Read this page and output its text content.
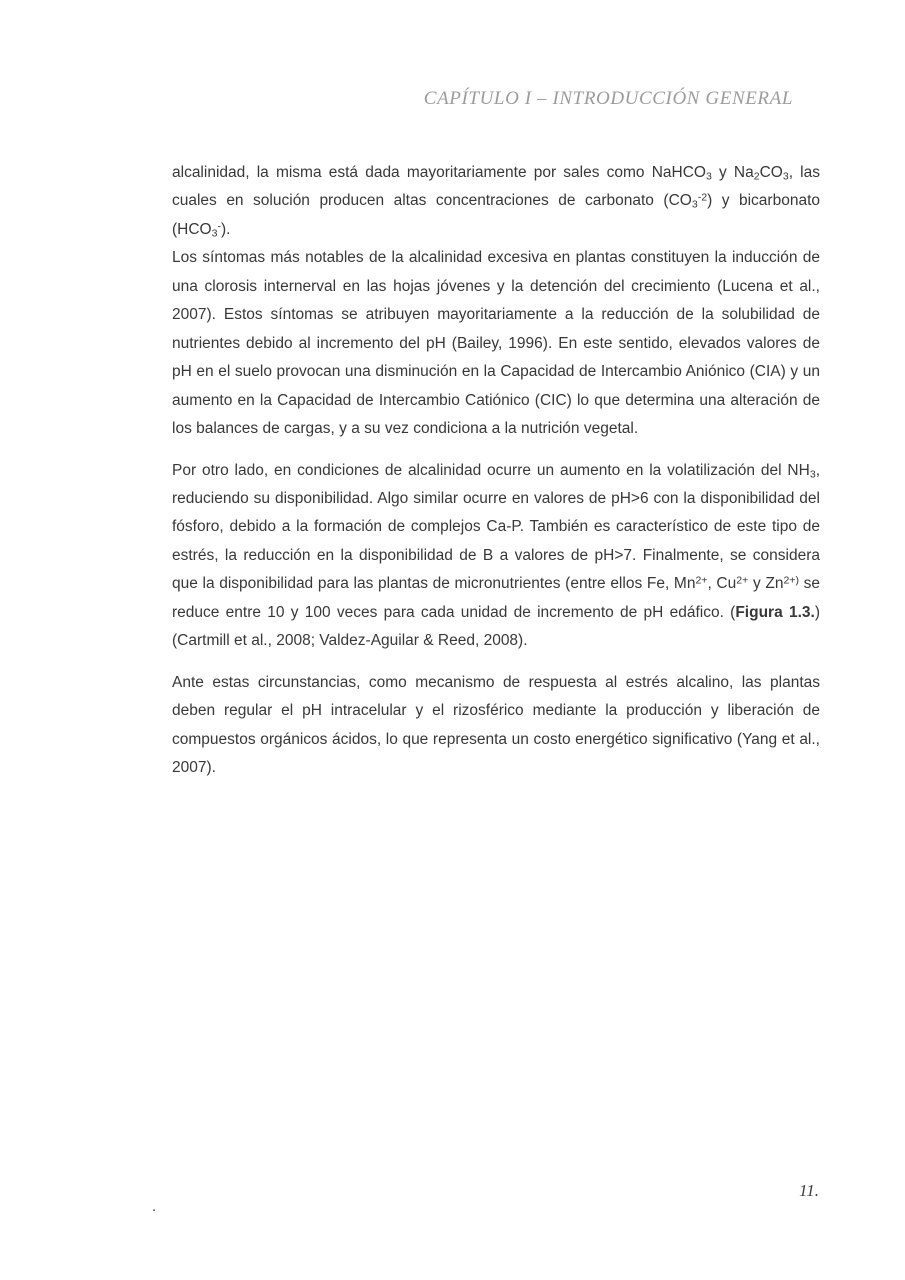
CAPÍTULO I – INTRODUCCIÓN GENERAL

alcalinidad, la misma está dada mayoritariamente por sales como NaHCO$_3$ y $Na_2CO_3$, las cuales en solución producen altas concentraciones de carbonato $(CO_3^{-2})$ y bicarbonato $(HCO_3^-)$.

Los síntomas más notables de la alcalinidad excesiva en plantas constituyen la inducción de una clorosis internerval en las hojas jóvenes y la detención del crecimiento (Lucena et al., 2007). Estos síntomas se atribuyen mayoritariamente a la reducción de la solubilidad de nutrientes debido al incremento del pH (Bailey, 1996). En este sentido, elevados valores de pH en el suelo provocan una disminución en la Capacidad de Intercambio Aniónico (CIA) y un aumento en la Capacidad de Intercambio Catiónico (CIC) lo que determina una alteración de los balances de cargas, y a su vez condiciona a la nutrición vegetal.

Por otro lado, en condiciones de alcalinidad ocurre un aumento en la volatilización del $NH_3$, reduciendo su disponibilidad. Algo similar ocurre en valores de pH>6 con la disponibilidad del fósforo, debido a la formación de complejos Ca-P. También es característico de este tipo de estrés, la reducción en la disponibilidad de B a valores de pH>7. Finalmente, se considera que la disponibilidad para las plantas de micronutrientes (entre ellos Fe, $Mn^{2+}$, $Cu^{2+}$ y $Zn^{2+)}$ se reduce entre 10 y 100 veces para cada unidad de incremento de pH edáfico. (Figura 1.3.) (Cartmill et al., 2008; Valdez-Aguilar & Reed, 2008).

Ante estas circunstancias, como mecanismo de respuesta al estrés alcalino, las plantas deben regular el pH intracelular y el rizosférico mediante la producción y liberación de compuestos orgánicos ácidos, lo que representa un costo energético significativo (Yang et al., 2007).

11.
.
